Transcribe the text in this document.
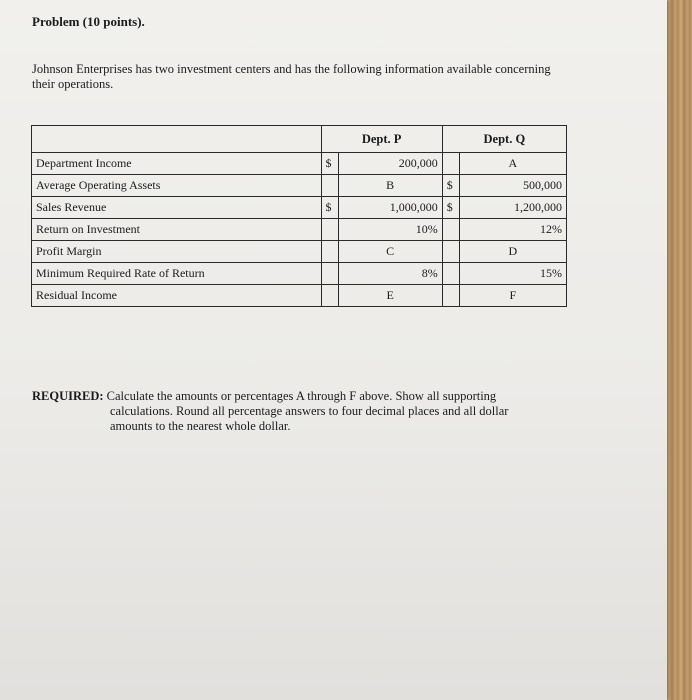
Problem (10 points).
Johnson Enterprises has two investment centers and has the following information available concerning their operations.
	Dept. P		Dept. Q	
Department Income	$	200,000		A
Average Operating Assets		B	$	500,000
Sales Revenue	$	1,000,000	$	1,200,000
Return on Investment		10%		12%
Profit Margin		C		D
Minimum Required Rate of Return		8%		15%
Residual Income		E		F
REQUIRED: Calculate the amounts or percentages A through F above. Show all supporting
calculations. Round all percentage answers to four decimal places and all dollar
amounts to the nearest whole dollar.
